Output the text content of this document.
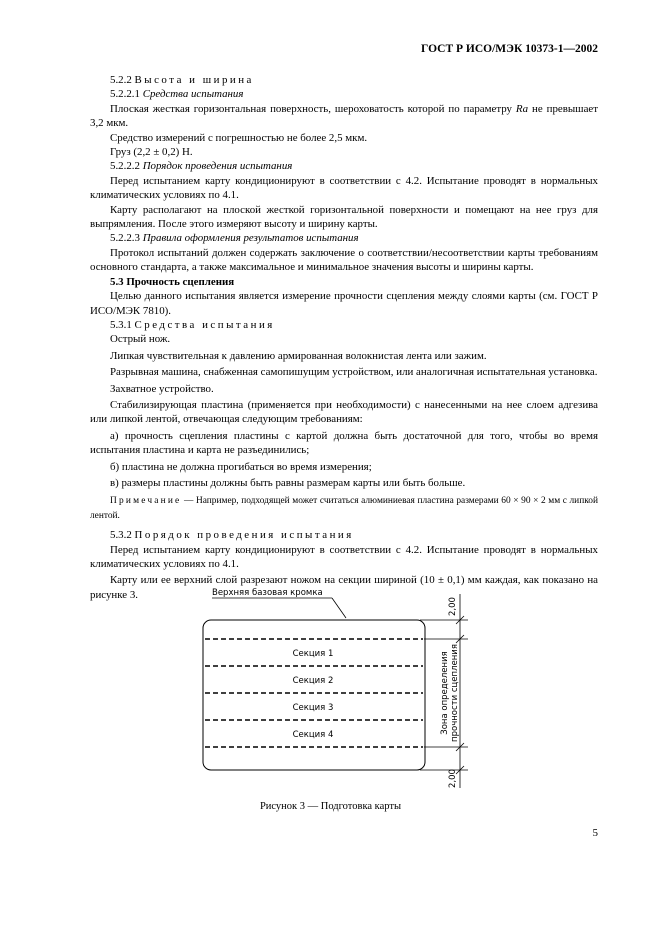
ГОСТ Р ИСО/МЭК 10373-1—2002

5.2.2 Высота и ширина

5.2.2.1 Средства испытания

Плоская жесткая горизонтальная поверхность, шероховатость которой по параметру Ra не превышает 3,2 мкм.

Средство измерений с погрешностью не более 2,5 мкм.

Груз (2,2 ± 0,2) Н.

5.2.2.2 Порядок проведения испытания

Перед испытанием карту кондиционируют в соответствии с 4.2. Испытание проводят в нормальных климатических условиях по 4.1.

Карту располагают на плоской жесткой горизонтальной поверхности и помещают на нее груз для выпрямления. После этого измеряют высоту и ширину карты.

5.2.2.3 Правила оформления результатов испытания

Протокол испытаний должен содержать заключение о соответствии/несоответствии карты требованиям основного стандарта, а также максимальное и минимальное значения высоты и ширины карты.

5.3 Прочность сцепления

Целью данного испытания является измерение прочности сцепления между слоями карты (см. ГОСТ Р ИСО/МЭК 7810).

5.3.1 Средства испытания

Острый нож.

Липкая чувствительная к давлению армированная волокнистая лента или зажим.

Разрывная машина, снабженная самопишущим устройством, или аналогичная испытательная установка.

Захватное устройство.

Стабилизирующая пластина (применяется при необходимости) с нанесенными на нее слоем адгезива или липкой лентой, отвечающая следующим требованиям:

а) прочность сцепления пластины с картой должна быть достаточной для того, чтобы во время испытания пластина и карта не разъединились;

б) пластина не должна прогибаться во время измерения;

в) размеры пластины должны быть равны размерам карты или быть больше.

Примечание — Например, подходящей может считаться алюминиевая пластина размерами 60 × 90 × 2 мм с липкой лентой.

5.3.2 Порядок проведения испытания

Перед испытанием карту кондиционируют в соответствии с 4.2. Испытание проводят в нормальных климатических условиях по 4.1.

Карту или ее верхний слой разрезают ножом на секции шириной (10 ± 0,1) мм каждая, как показано на рисунке 3.	Верхняя базовая кромка
Секция 1
Секция 2
Секция 3
Секция 4
2,00
2,00
Зона определения прочности сцепления
Рисунок 3 — Подготовка карты
5
